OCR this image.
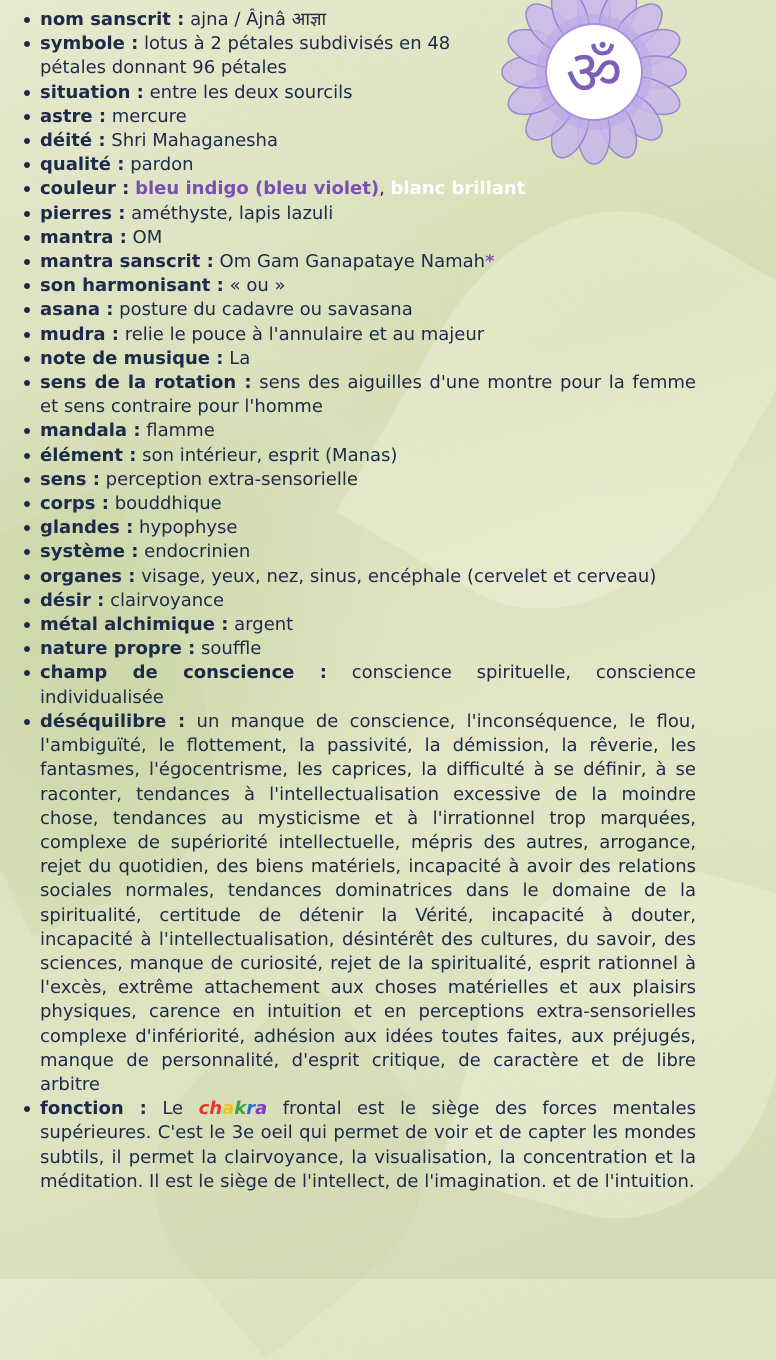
ॐ
nom sanscrit : ajna / Âjnâ आज्ञा
symbole : lotus à 2 pétales subdivisés en 48 pétales donnant 96 pétales
situation : entre les deux sourcils
astre : mercure
déité : Shri Mahaganesha
qualité : pardon
couleur : bleu indigo (bleu violet), blanc brillant
pierres : améthyste, lapis lazuli
mantra : OM
mantra sanscrit : Om Gam Ganapataye Namah*
son harmonisant : « ou »
asana : posture du cadavre ou savasana
mudra : relie le pouce à l'annulaire et au majeur
note de musique : La
sens de la rotation : sens des aiguilles d'une montre pour la femme et sens contraire pour l'homme
mandala : flamme
élément : son intérieur, esprit (Manas)
sens : perception extra-sensorielle
corps : bouddhique
glandes : hypophyse
système : endocrinien
organes : visage, yeux, nez, sinus, encéphale (cervelet et cerveau)
désir : clairvoyance
métal alchimique : argent
nature propre : souffle
champ de conscience : conscience spirituelle, conscience individualisée
déséquilibre : un manque de conscience, l'inconséquence, le flou, l'ambiguïté, le flottement, la passivité, la démission, la rêverie, les fantasmes, l'égocentrisme, les caprices, la difficulté à se définir, à se raconter, tendances à l'intellectualisation excessive de la moindre chose, tendances au mysticisme et à l'irrationnel trop marquées, complexe de supériorité intellectuelle, mépris des autres, arrogance, rejet du quotidien, des biens matériels, incapacité à avoir des relations sociales normales, tendances dominatrices dans le domaine de la spiritualité, certitude de détenir la Vérité, incapacité à douter, incapacité à l'intellectualisation, désintérêt des cultures, du savoir, des sciences, manque de curiosité, rejet de la spiritualité, esprit rationnel à l'excès, extrême attachement aux choses matérielles et aux plaisirs physiques, carence en intuition et en perceptions extra-sensorielles complexe d'infériorité, adhésion aux idées toutes faites, aux préjugés, manque de personnalité, d'esprit critique, de caractère et de libre arbitre
fonction : Le chakra frontal est le siège des forces mentales supérieures. C'est le 3e oeil qui permet de voir et de capter les mondes subtils, il permet la clairvoyance, la visualisation, la concentration et la méditation. Il est le siège de l'intellect, de l'imagination. et de l'intuition.
